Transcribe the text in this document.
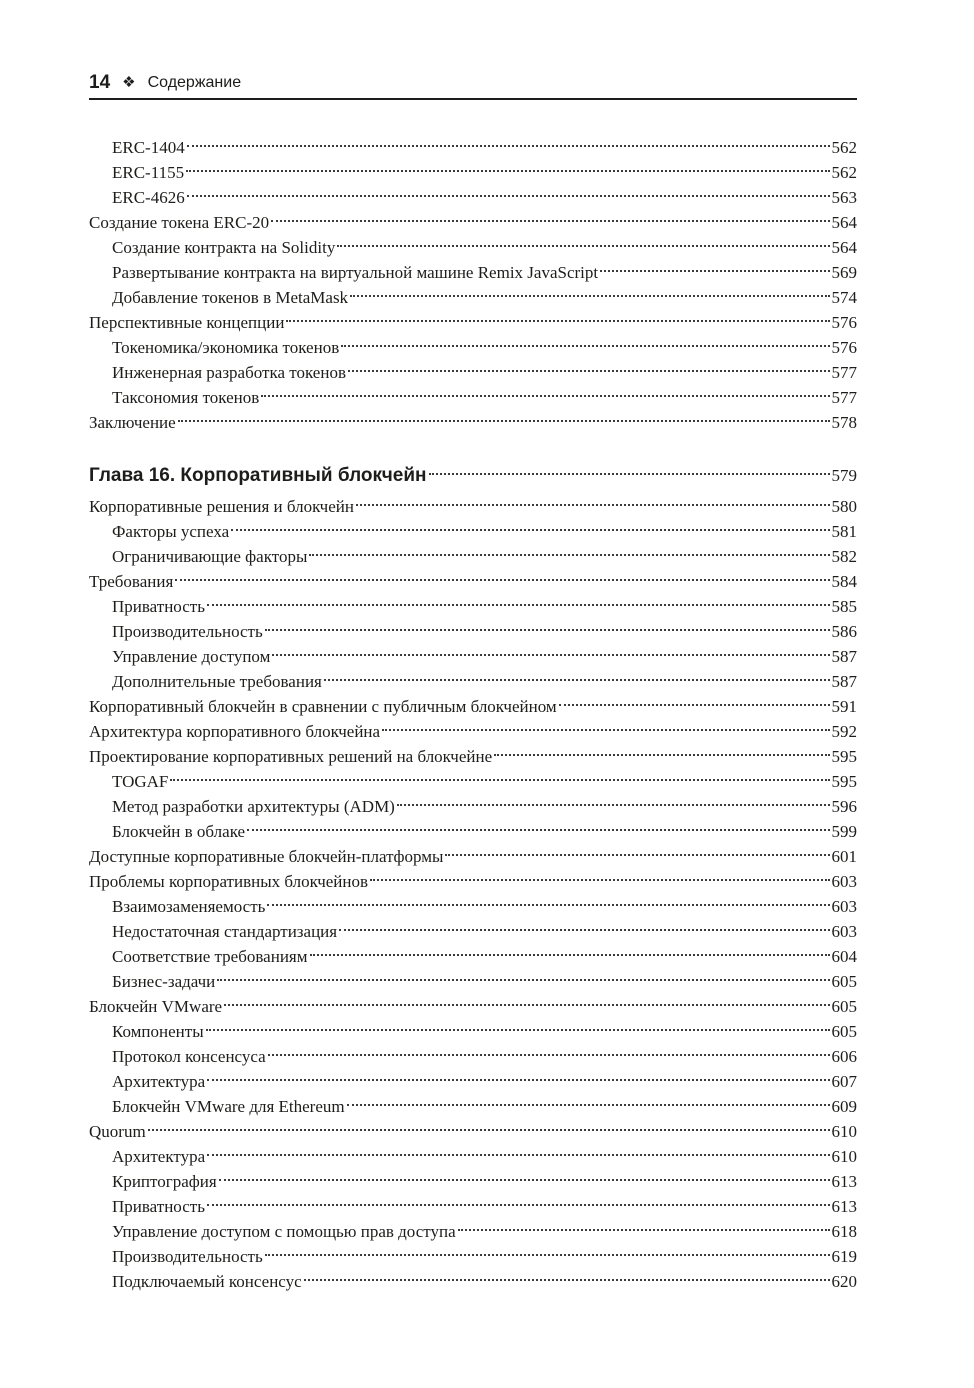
14 ❖ Содержание
ERC-1404	562
ERC-1155	562
ERC-4626	563
Создание токена ERC-20	564
Создание контракта на Solidity	564
Развертывание контракта на виртуальной машине Remix JavaScript	569
Добавление токенов в MetaMask	574
Перспективные концепции	576
Токеномика/экономика токенов	576
Инженерная разработка токенов	577
Таксономия токенов	577
Заключение	578
Глава 16. Корпоративный блокчейн	579
Корпоративные решения и блокчейн	580
Факторы успеха	581
Ограничивающие факторы	582
Требования	584
Приватность	585
Производительность	586
Управление доступом	587
Дополнительные требования	587
Корпоративный блокчейн в сравнении с публичным блокчейном	591
Архитектура корпоративного блокчейна	592
Проектирование корпоративных решений на блокчейне	595
TOGAF	595
Метод разработки архитектуры (ADM)	596
Блокчейн в облаке	599
Доступные корпоративные блокчейн-платформы	601
Проблемы корпоративных блокчейнов	603
Взаимозаменяемость	603
Недостаточная стандартизация	603
Соответствие требованиям	604
Бизнес-задачи	605
Блокчейн VMware	605
Компоненты	605
Протокол консенсуса	606
Архитектура	607
Блокчейн VMware для Ethereum	609
Quorum	610
Архитектура	610
Криптография	613
Приватность	613
Управление доступом с помощью прав доступа	618
Производительность	619
Подключаемый консенсус	620
